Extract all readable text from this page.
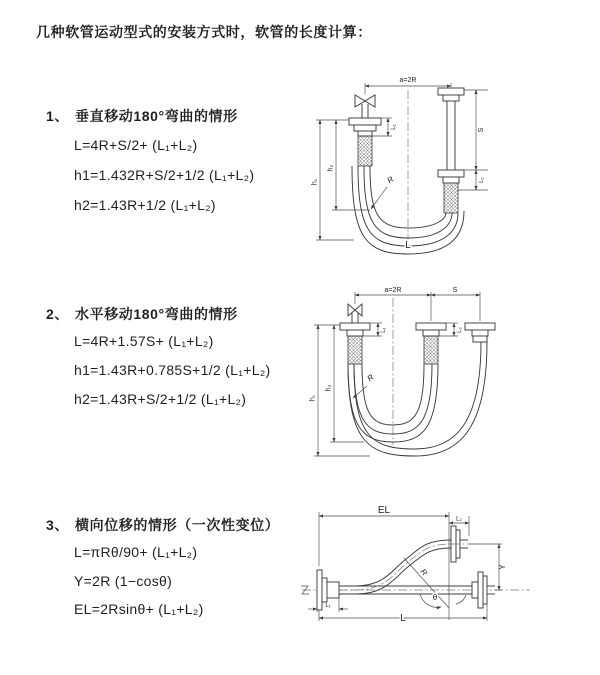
几种软管运动型式的安装方式时，软管的长度计算：
1、 垂直移动180°弯曲的情形
L=4R+S/2+ (L₁+L₂)
h1=1.432R+S/2+1/2 (L₁+L₂)
h2=1.43R+1/2 (L₁+L₂)
a=2R
R
L
h₁
h₂
L₁
S
L₂
2、 水平移动180°弯曲的情形
L=4R+1.57S+ (L₁+L₂)
h1=1.43R+0.785S+1/2 (L₁+L₂)
h2=1.43R+S/2+1/2 (L₁+L₂)
a=2R	S
R
h₁
h₂
L₁	L₂
3、 横向位移的情形（一次性变位）
L=πRθ/90+ (L₁+L₂)
Y=2R (1−cosθ)
EL=2Rsinθ+ (L₁+L₂)
EL
L₂
Y
R
θ
L
L₁
